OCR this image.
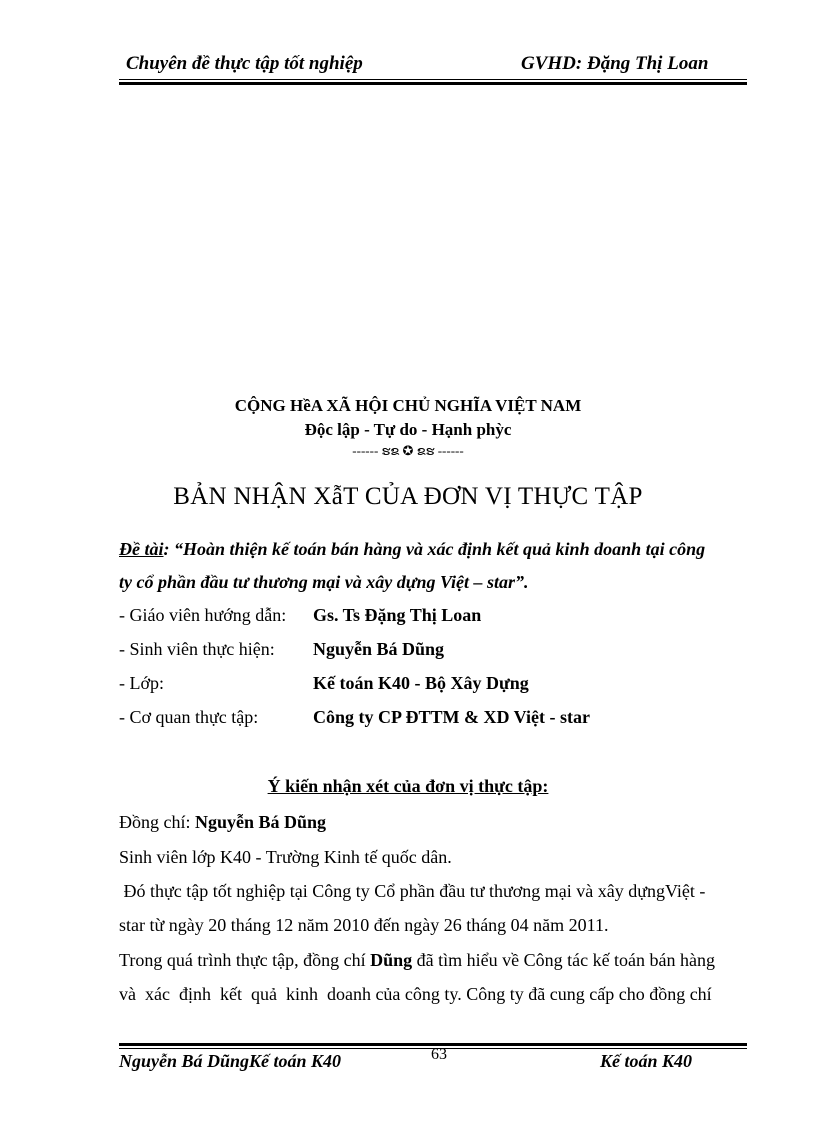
Chuyên đề thực tập tốt nghiệp	GVHD: Đặng Thị Loan
CỘNG HềA XÃ HỘI CHỦ NGHĨA VIỆT NAM
Độc lập - Tự do - Hạnh phỳc
------ ຮຂ ✪ ຂຮ ------
BẢN NHẬN XẫT CỦA ĐƠN VỊ THỰC TẬP
Đề tài: “Hoàn thiện kế toán bán hàng và xác định kết quả kinh doanh tại công
ty cổ phần đầu tư thương mại và xây dựng Việt – star”.
- Giáo viên hướng dẫn: Gs. Ts Đặng Thị Loan
- Sinh viên thực hiện: Nguyễn Bá Dũng
- Lớp:	Kế toán K40 - Bộ Xây Dựng
- Cơ quan thực tập:	Công ty CP ĐTTM & XD Việt - star
Ý kiến nhận xét của đơn vị thực tập:
Đồng chí: Nguyễn Bá Dũng
Sinh viên lớp K40 - Trường Kinh tế quốc dân.
Đó thực tập tốt nghiệp tại Công ty Cổ phần đầu tư thương mại và xây dựngViệt -
star từ ngày 20 tháng 12 năm 2010 đến ngày 26 tháng 04 năm 2011.
Trong quá trình thực tập, đồng chí Dũng đã tìm hiểu về Công tác kế toán bán hàng
và  xác  định  kết  quả  kinh  doanh của công ty. Công ty đã cung cấp cho đồng chí
Nguyễn Bá DũngKế toán K40	63	Kế toán K40
